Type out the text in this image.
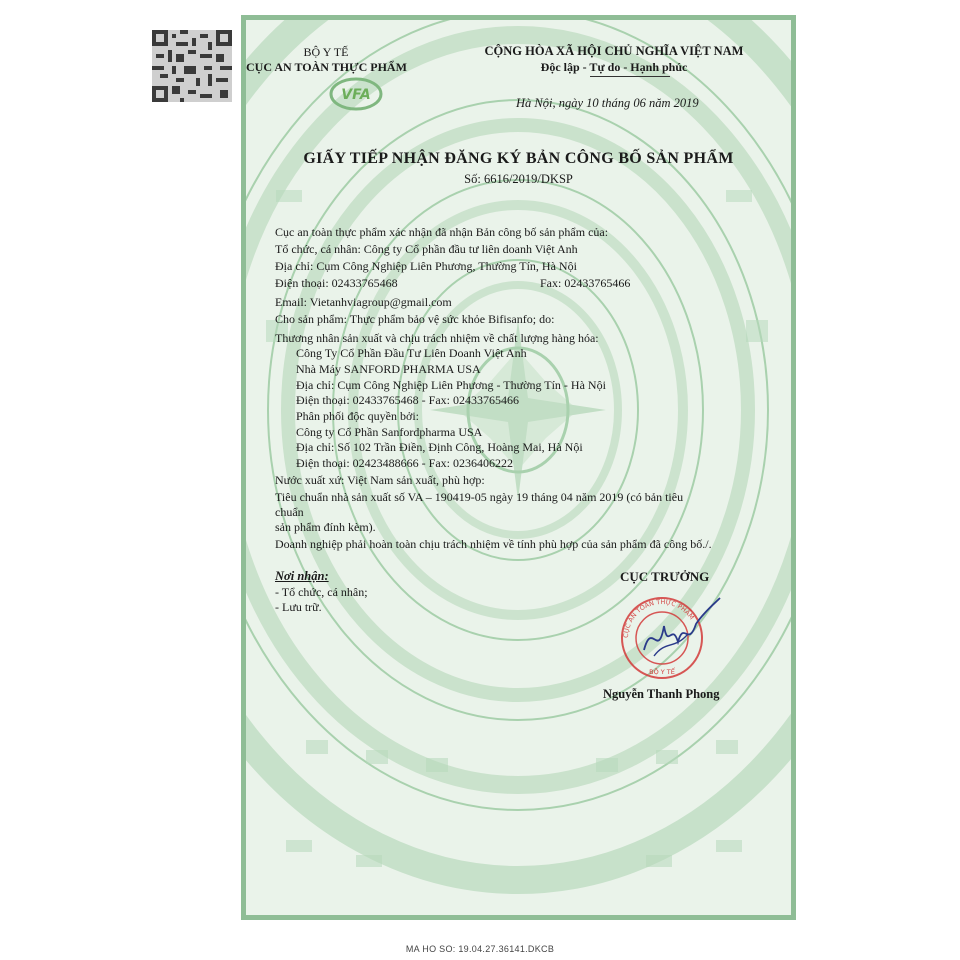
BỘ Y TẾ
CỤC AN TOÀN THỰC PHẨM
VFA
CỘNG HÒA XÃ HỘI CHỦ NGHĨA VIỆT NAM
Độc lập - Tự do - Hạnh phúc
Hà Nội, ngày 10 tháng 06 năm 2019
GIẤY TIẾP NHẬN ĐĂNG KÝ BẢN CÔNG BỐ SẢN PHẨM
Số: 6616/2019/DKSP
Cục an toàn thực phẩm xác nhận đã nhận Bản công bố sản phẩm của:
Tổ chức, cá nhân: Công ty Cổ phần đầu tư liên doanh Việt Anh
Địa chỉ: Cụm Công Nghiệp Liên Phương, Thường Tín, Hà Nội
Điện thoại: 02433765468	Fax: 02433765466
Email: Vietanhviagroup@gmail.com
Cho sản phẩm: Thực phẩm bảo vệ sức khỏe Bifisanfo; do:
Thương nhân sản xuất và chịu trách nhiệm về chất lượng hàng hóa:
Công Ty Cổ Phần Đầu Tư Liên Doanh Việt Anh
Nhà Máy SANFORD PHARMA USA
Địa chỉ: Cụm Công Nghiệp Liên Phương - Thường Tín - Hà Nội
Điện thoại: 02433765468 - Fax: 02433765466
Phân phối độc quyền bởi:
Công ty Cổ Phần Sanfordpharma USA
Địa chỉ: Số 102 Trần Điền, Định Công, Hoàng Mai, Hà Nội
Điện thoại: 02423488666 - Fax: 0236406222
Nước xuất xứ: Việt Nam sản xuất, phù hợp:
Tiêu chuẩn nhà sản xuất số VA – 190419-05 ngày 19 tháng 04 năm 2019 (có bản tiêu
chuẩn
sản phẩm đính kèm).
Doanh nghiệp phải hoàn toàn chịu trách nhiệm về tính phù hợp của sản phẩm đã công bố./.
Nơi nhận:
- Tổ chức, cá nhân;
- Lưu trữ.
CỤC TRƯỞNG
CỤC AN TOÀN THỰC PHẨM
BỘ Y TẾ
Nguyễn Thanh Phong
MA HO SO: 19.04.27.36141.DKCB
